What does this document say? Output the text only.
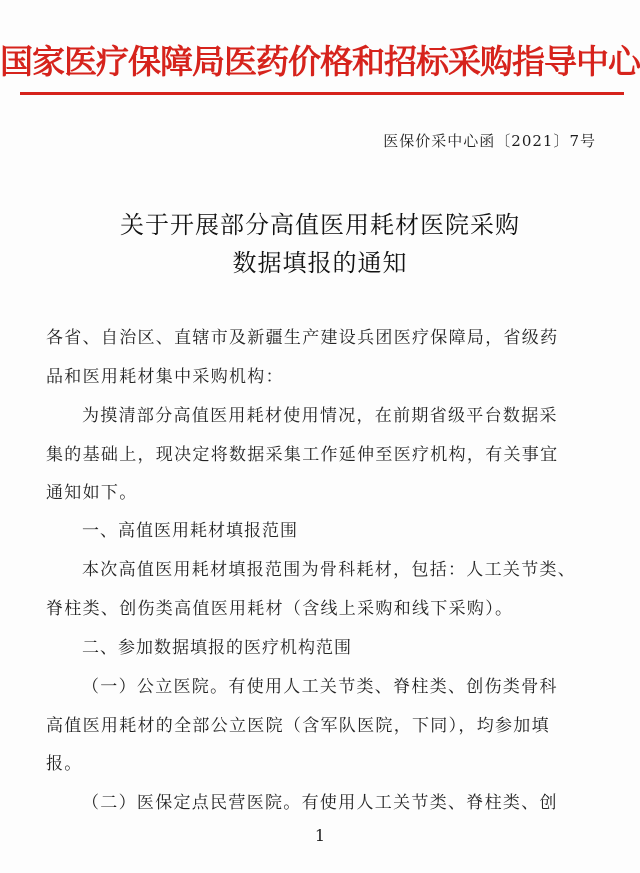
国家医疗保障局医药价格和招标采购指导中心
医保价采中心函〔2021〕7号
关于开展部分高值医用耗材医院采购
数据填报的通知
各省、自治区、直辖市及新疆生产建设兵团医疗保障局，省级药
品和医用耗材集中采购机构：
为摸清部分高值医用耗材使用情况，在前期省级平台数据采
集的基础上，现决定将数据采集工作延伸至医疗机构，有关事宜
通知如下。
一、高值医用耗材填报范围
本次高值医用耗材填报范围为骨科耗材，包括：人工关节类、
脊柱类、创伤类高值医用耗材（含线上采购和线下采购）。
二、参加数据填报的医疗机构范围
（一）公立医院。有使用人工关节类、脊柱类、创伤类骨科
高值医用耗材的全部公立医院（含军队医院，下同），均参加填
报。
（二）医保定点民营医院。有使用人工关节类、脊柱类、创
1
